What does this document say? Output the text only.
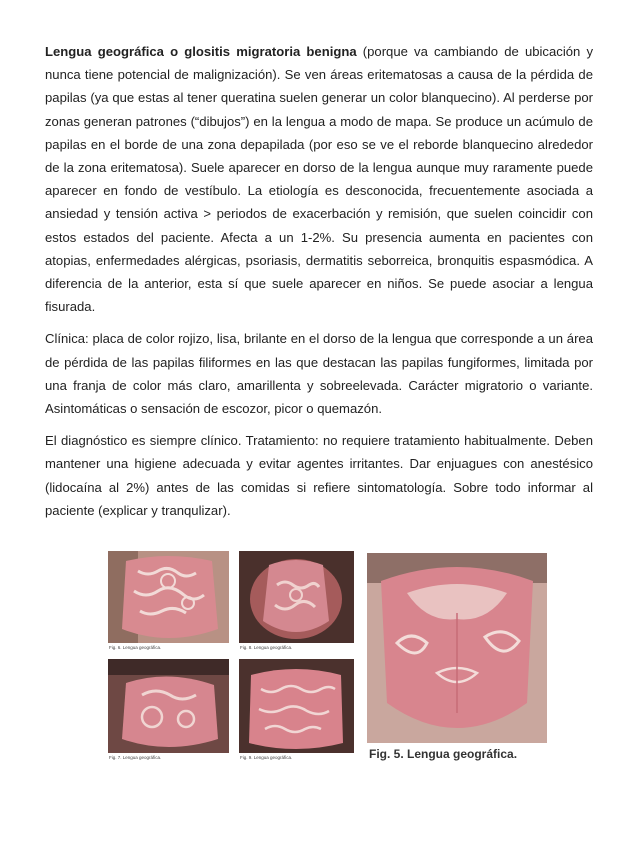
Lengua geográfica o glositis migratoria benigna (porque va cambiando de ubicación y nunca tiene potencial de malignización). Se ven áreas eritematosas a causa de la pérdida de papilas (ya que estas al tener queratina suelen generar un color blanquecino). Al perderse por zonas generan patrones (“dibujos”) en la lengua a modo de mapa. Se produce un acúmulo de papilas en el borde de una zona depapilada (por eso se ve el reborde blanquecino alrededor de la zona eritematosa). Suele aparecer en dorso de la lengua aunque muy raramente puede aparecer en fondo de vestíbulo. La etiología es desconocida, frecuentemente asociada a ansiedad y tensión activa > periodos de exacerbación y remisión, que suelen coincidir con estos estados del paciente. Afecta a un 1-2%. Su presencia aumenta en pacientes con atopias, enfermedades alérgicas, psoriasis, dermatitis seborreica, bronquitis espasmódica. A diferencia de la anterior, esta sí que suele aparecer en niños. Se puede asociar a lengua fisurada.

Clínica: placa de color rojizo, lisa, brilante en el dorso de la lengua que corresponde a un área de pérdida de las papilas filiformes en las que destacan las papilas fungiformes, limitada por una franja de color más claro, amarillenta y sobreelevada. Carácter migratorio o variante. Asintomáticas o sensación de escozor, picor o quemazón.

El diagnóstico es siempre clínico. Tratamiento: no requiere tratamiento habitualmente. Deben mantener una higiene adecuada y evitar agentes irritantes. Dar enjuagues con anestésico (lidocaína al 2%) antes de las comidas si refiere sintomatología. Sobre todo informar al paciente (explicar y tranqulizar).

Fig. 6. Lengua geográfica.	Fig. 8. Lengua geográfica.
Fig. 7. Lengua geográfica.	Fig. 9. Lengua geográfica.	Fig. 5. Lengua geográfica.
